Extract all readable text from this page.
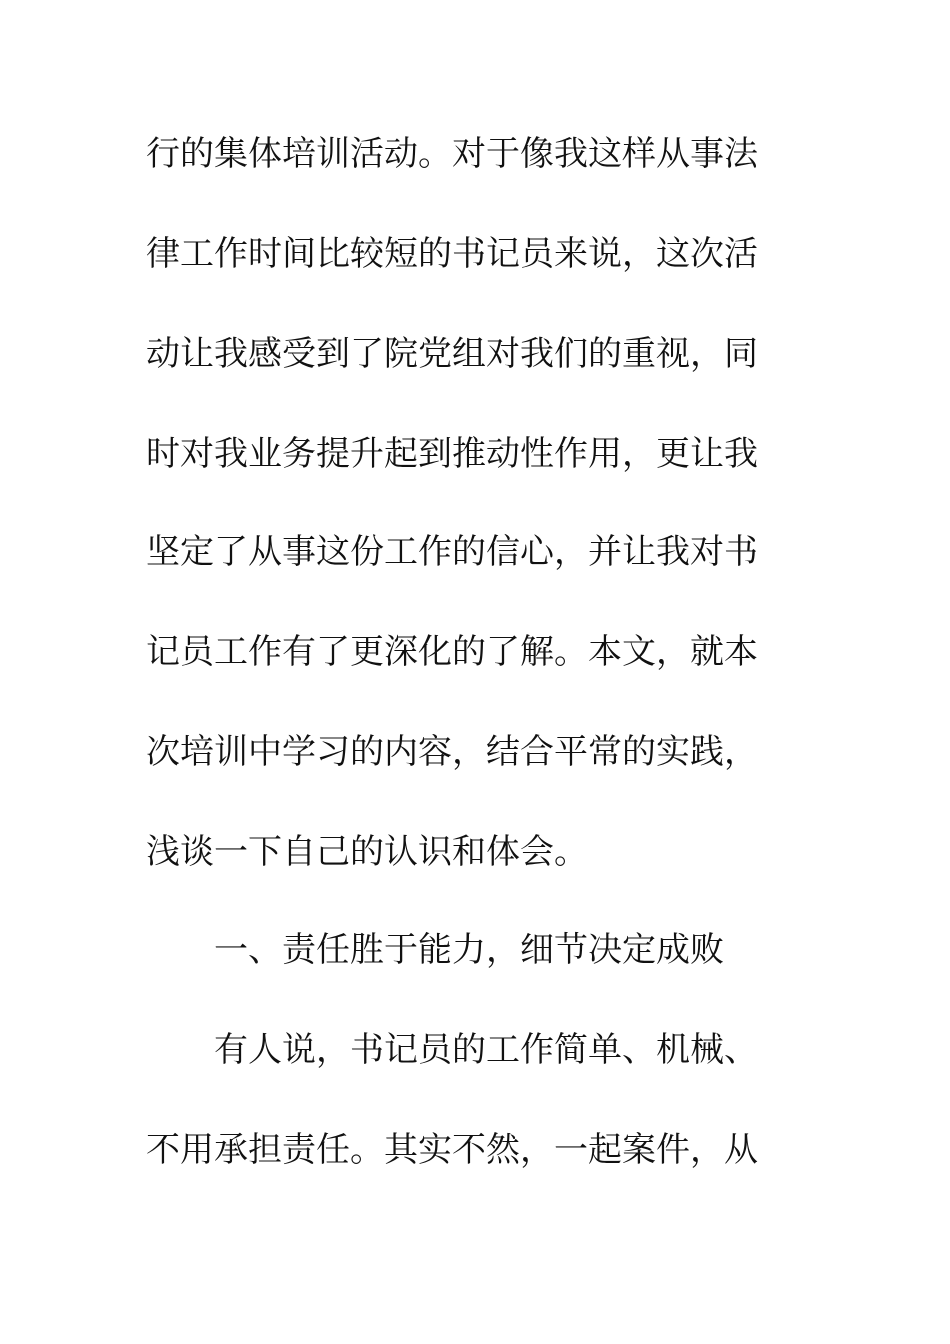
行的集体培训活动。对于像我这样从事法
律工作时间比较短的书记员来说，这次活
动让我感受到了院党组对我们的重视，同
时对我业务提升起到推动性作用，更让我
坚定了从事这份工作的信心，并让我对书
记员工作有了更深化的了解。本文，就本
次培训中学习的内容，结合平常的实践，
浅谈一下自己的认识和体会。
一、责任胜于能力，细节决定成败
有人说，书记员的工作简单、机械、
不用承担责任。其实不然，一起案件，从
